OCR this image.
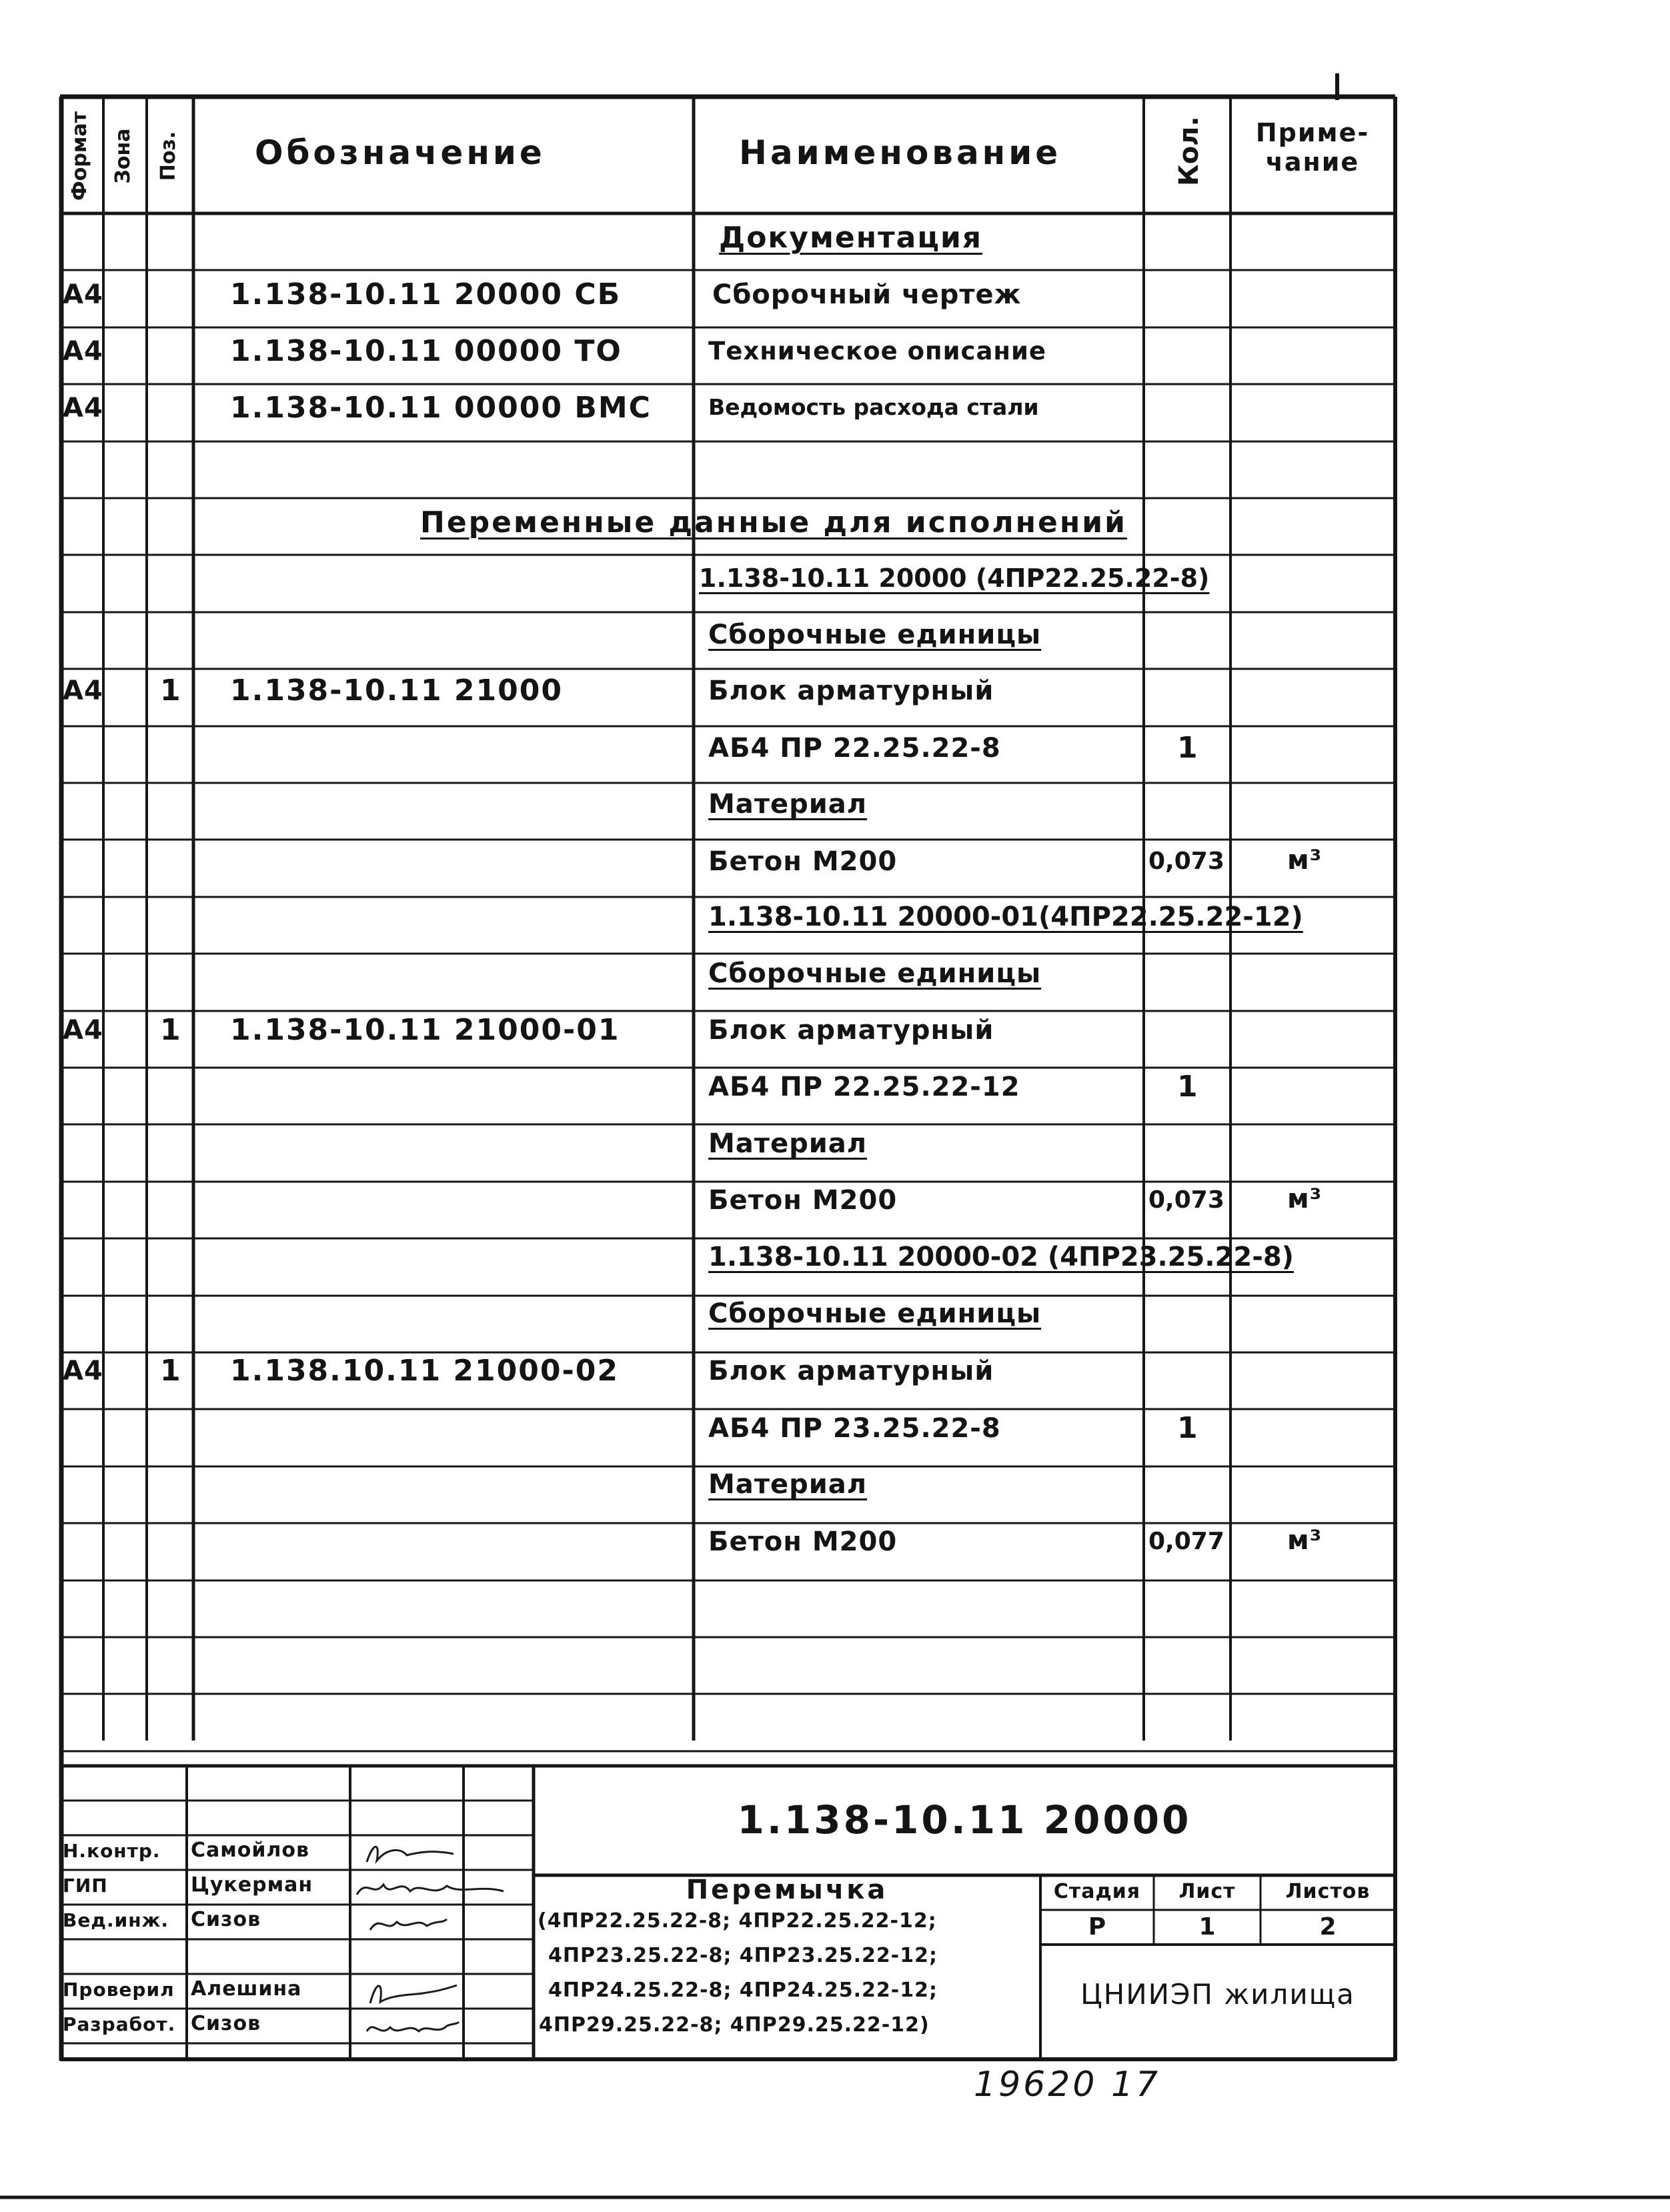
Формат Зона Поз. Обозначение	Наименование	Кол.	Приме-
чание
Документация
А4	1.138-10.11 20000 СБ	Сборочный чертеж
А4	1.138-10.11 00000 ТО	Техническое описание
А4	1.138-10.11 00000 ВМС	Ведомость расхода стали
Переменные данные для исполнений
1.138-10.11 20000 (4ПР22.25.22-8)
Сборочные единицы
А4 1 1.138-10.11 21000	Блок арматурный
АБ4 ПР 22.25.22-8	1
Материал
Бетон М200	0,073 м³
1.138-10.11 20000-01(4ПР22.25.22-12)
Сборочные единицы
А4 1 1.138-10.11 21000-01	Блок арматурный
АБ4 ПР 22.25.22-12	1
Материал
Бетон М200	0,073 м³
1.138-10.11 20000-02 (4ПР23.25.22-8)
Сборочные единицы
А4 1 1.138.10.11 21000-02	Блок арматурный
АБ4 ПР 23.25.22-8	1
Материал
Бетон М200	0,077 м³
1.138-10.11 20000
Н.контр. Самойлов
ГИП	Цукерман
Вед.инж. Сизов
Проверил Алешина
Разработ. Сизов
Перемычка
(4ПР22.25.22-8; 4ПР22.25.22-12;
4ПР23.25.22-8; 4ПР23.25.22-12;
4ПР24.25.22-8; 4ПР24.25.22-12;
4ПР29.25.22-8; 4ПР29.25.22-12)
Стадия	Лист	Листов
Р	1	2
ЦНИИЭП жилища
19620 17
